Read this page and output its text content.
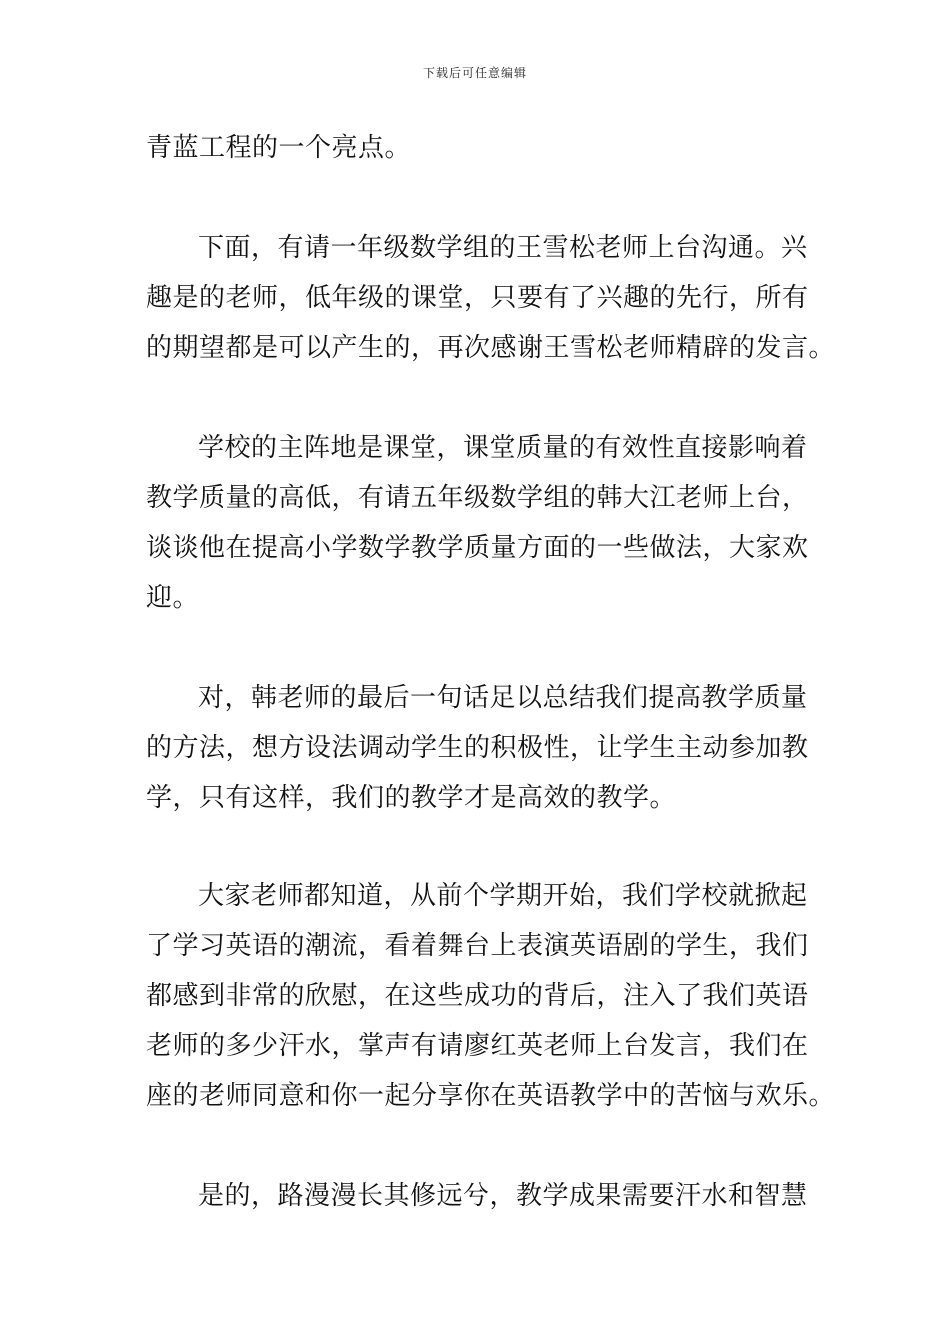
下载后可任意编辑
青蓝工程的一个亮点。
下面，有请一年级数学组的王雪松老师上台沟通。兴
趣是的老师，低年级的课堂，只要有了兴趣的先行，所有
的期望都是可以产生的，再次感谢王雪松老师精辟的发言。
学校的主阵地是课堂，课堂质量的有效性直接影响着
教学质量的高低，有请五年级数学组的韩大江老师上台，
谈谈他在提高小学数学教学质量方面的一些做法，大家欢
迎。
对，韩老师的最后一句话足以总结我们提高教学质量
的方法，想方设法调动学生的积极性，让学生主动参加教
学，只有这样，我们的教学才是高效的教学。
大家老师都知道，从前个学期开始，我们学校就掀起
了学习英语的潮流，看着舞台上表演英语剧的学生，我们
都感到非常的欣慰，在这些成功的背后，注入了我们英语
老师的多少汗水，掌声有请廖红英老师上台发言，我们在
座的老师同意和你一起分享你在英语教学中的苦恼与欢乐。
是的，路漫漫长其修远兮，教学成果需要汗水和智慧
